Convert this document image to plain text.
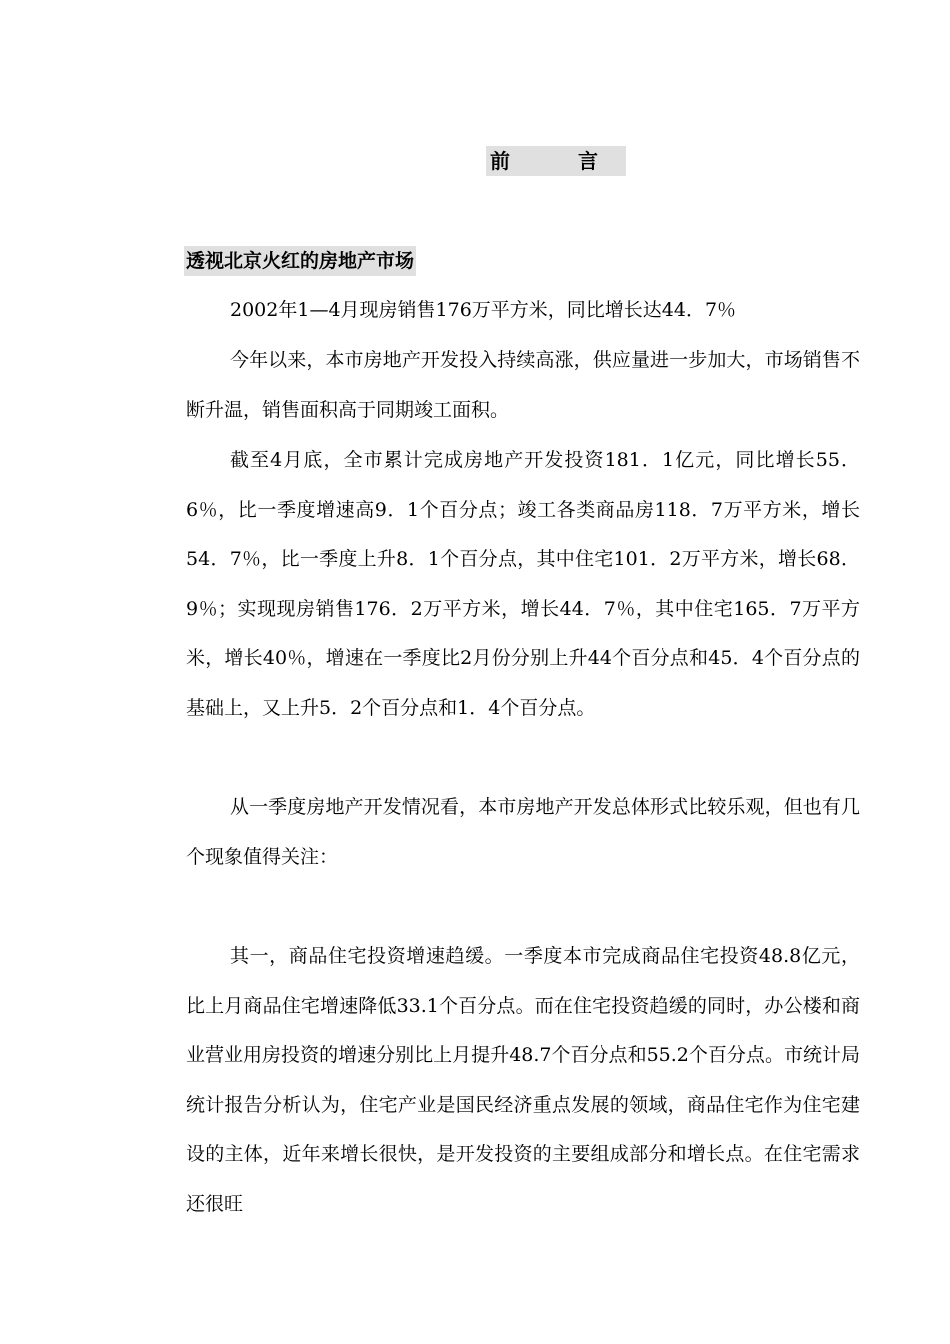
前　言
透视北京火红的房地产市场

2002年1—4月现房销售176万平方米，同比增长达44．7％

今年以来，本市房地产开发投入持续高涨，供应量进一步加大，市场销售不断升温，销售面积高于同期竣工面积。

截至4月底，全市累计完成房地产开发投资181．1亿元，同比增长55．6％，比一季度增速高9．1个百分点；竣工各类商品房118．7万平方米，增长54．7％，比一季度上升8．1个百分点，其中住宅101．2万平方米，增长68．9％；实现现房销售176．2万平方米，增长44．7％，其中住宅165．7万平方米，增长40％，增速在一季度比2月份分别上升44个百分点和45．4个百分点的基础上，又上升5．2个百分点和1．4个百分点。

从一季度房地产开发情况看，本市房地产开发总体形式比较乐观，但也有几个现象值得关注：

其一，商品住宅投资增速趋缓。一季度本市完成商品住宅投资48.8亿元，比上月商品住宅增速降低33.1个百分点。而在住宅投资趋缓的同时，办公楼和商业营业用房投资的增速分别比上月提升48.7个百分点和55.2个百分点。市统计局统计报告分析认为，住宅产业是国民经济重点发展的领域，商品住宅作为住宅建设的主体，近年来增长很快，是开发投资的主要组成部分和增长点。在住宅需求还很旺
